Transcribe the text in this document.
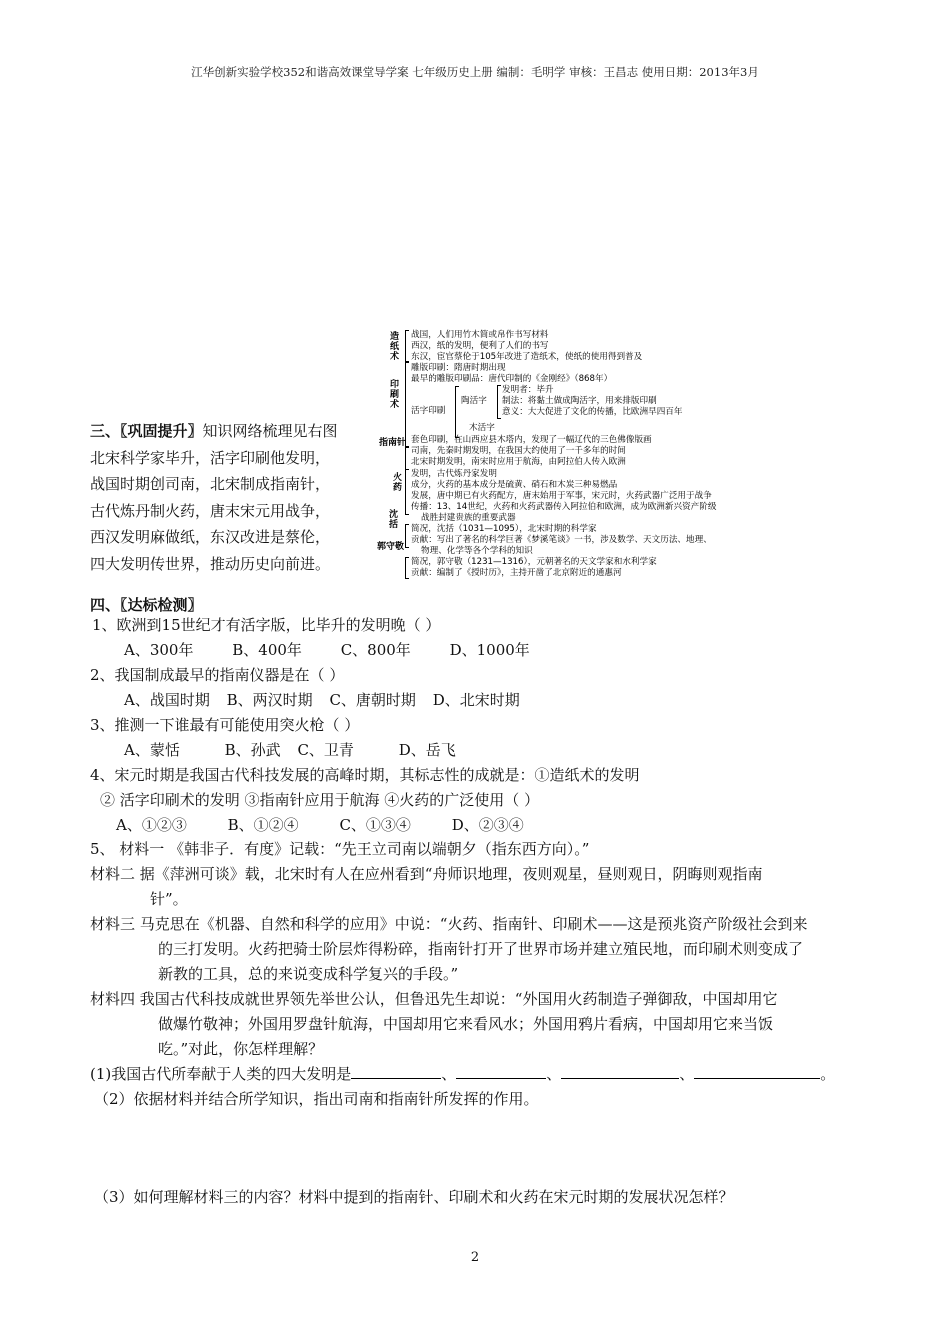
江华创新实验学校352和谐高效课堂导学案 七年级历史上册 编制：毛明学 审核：王昌志 使用日期：2013年3月
三、〖巩固提升〗知识网络梳理见右图
北宋科学家毕升，活字印刷他发明，
战国时期创司南，北宋制成指南针，
古代炼丹制火药，唐末宋元用战争，
西汉发明麻做纸，东汉改进是蔡伦，
四大发明传世界，推动历史向前进。
造纸术
战国，人们用竹木简或帛作书写材料
西汉，纸的发明，便利了人们的书写
东汉，宦官蔡伦于105年改进了造纸术，使纸的使用得到普及
印刷术
雕版印刷：隋唐时期出现
最早的雕版印刷品：唐代印制的《金刚经》（868年）
活字印刷
陶活字
发明者：毕升
制法：将黏土做成陶活字，用来排版印刷
意义：大大促进了文化的传播，比欧洲早四百年
木活字
套色印刷，在山西应县木塔内，发现了一幅辽代的三色佛像版画
指南针
司南，先秦时期发明，在我国大约使用了一千多年的时间
北宋时期发明，南宋时应用于航海，由阿拉伯人传入欧洲
火药
发明，古代炼丹家发明
成分，火药的基本成分是硫黄、硝石和木炭三种易燃品
发展，唐中期已有火药配方，唐末始用于军事，宋元时，火药武器广泛用于战争
传播：13、14世纪，火药和火药武器传入阿拉伯和欧洲，成为欧洲新兴资产阶级
战胜封建贵族的重要武器
沈括	简况，沈括（1031—1095），北宋时期的科学家
贡献：写出了著名的科学巨著《梦溪笔谈》一书，涉及数学、天文历法、地理、
物理、化学等各个学科的知识
郭守敬
简况，郭守敬（1231—1316），元朝著名的天文学家和水利学家
贡献：编制了《授时历》，主持开凿了北京附近的通惠河
四、〖达标检测〗
1、欧洲到15世纪才有活字版，比毕升的发明晚（ ）
A、300年	B、400年	C、800年	D、1000年
2、我国制成最早的指南仪器是在（ ）
A、战国时期 B、两汉时期 C、唐朝时期 D、北宋时期
3、推测一下谁最有可能使用突火枪（ ）
A、蒙恬	B、孙武 C、卫青	D、岳飞
4、宋元时期是我国古代科技发展的高峰时期，其标志性的成就是：①造纸术的发明
② 活字印刷术的发明 ③指南针应用于航海 ④火药的广泛使用（ ）
A、①②③	B、①②④	C、①③④	D、②③④
5、 材料一 《韩非子．有度》记载：“先王立司南以端朝夕（指东西方向）。”
材料二 据《萍洲可谈》载，北宋时有人在应州看到“舟师识地理，夜则观星，昼则观日，阴晦则观指南
针”。
材料三 马克思在《机器、自然和科学的应用》中说：“火药、指南针、印刷术——这是预兆资产阶级社会到来
的三打发明。火药把骑士阶层炸得粉碎，指南针打开了世界市场并建立殖民地，而印刷术则变成了
新教的工具，总的来说变成科学复兴的手段。”
材料四 我国古代科技成就世界领先举世公认，但鲁迅先生却说：“外国用火药制造子弹御敌，中国却用它
做爆竹敬神；外国用罗盘针航海，中国却用它来看风水；外国用鸦片看病，中国却用它来当饭
吃。”对此，你怎样理解？
(1)我国古代所奉献于人类的四大发明是	、	、	、	。
（2）依据材料并结合所学知识，指出司南和指南针所发挥的作用。
（3）如何理解材料三的内容？材料中提到的指南针、印刷术和火药在宋元时期的发展状况怎样？
2
